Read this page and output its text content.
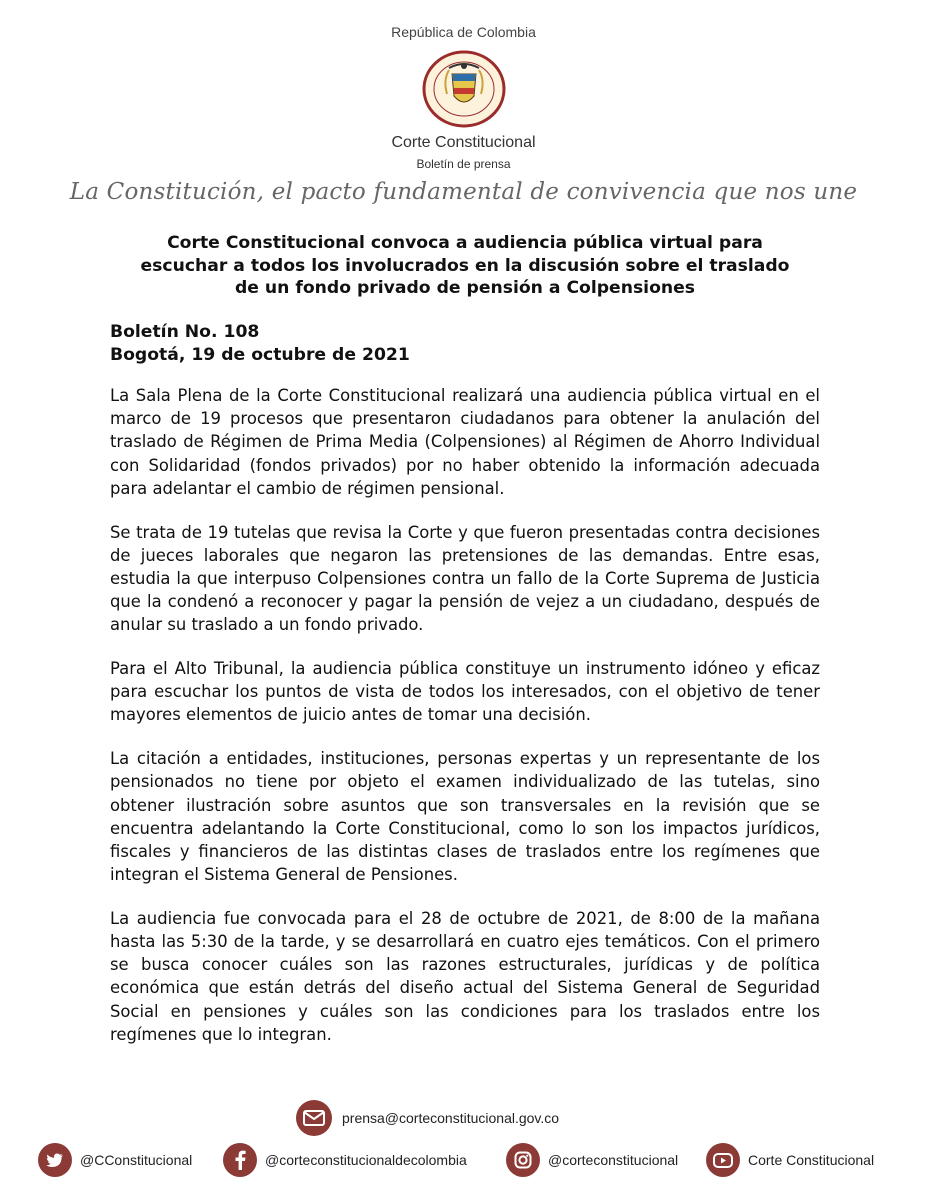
República de Colombia
Corte Constitucional
Boletín de prensa
La Constitución, el pacto fundamental de convivencia que nos une
Corte Constitucional convoca a audiencia pública virtual para
escuchar a todos los involucrados en la discusión sobre el traslado
de un fondo privado de pensión a Colpensiones
Boletín No. 108
Bogotá, 19 de octubre de 2021

La Sala Plena de la Corte Constitucional realizará una audiencia pública virtual en el marco de 19 procesos que presentaron ciudadanos para obtener la anulación del traslado de Régimen de Prima Media (Colpensiones) al Régimen de Ahorro Individual con Solidaridad (fondos privados) por no haber obtenido la información adecuada para adelantar el cambio de régimen pensional.

Se trata de 19 tutelas que revisa la Corte y que fueron presentadas contra decisiones de jueces laborales que negaron las pretensiones de las demandas. Entre esas, estudia la que interpuso Colpensiones contra un fallo de la Corte Suprema de Justicia que la condenó a reconocer y pagar la pensión de vejez a un ciudadano, después de anular su traslado a un fondo privado.

Para el Alto Tribunal, la audiencia pública constituye un instrumento idóneo y eficaz para escuchar los puntos de vista de todos los interesados, con el objetivo de tener mayores elementos de juicio antes de tomar una decisión.

La citación a entidades, instituciones, personas expertas y un representante de los pensionados no tiene por objeto el examen individualizado de las tutelas, sino obtener ilustración sobre asuntos que son transversales en la revisión que se encuentra adelantando la Corte Constitucional, como lo son los impactos jurídicos, fiscales y financieros de las distintas clases de traslados entre los regímenes que integran el Sistema General de Pensiones.

La audiencia fue convocada para el 28 de octubre de 2021, de 8:00 de la mañana hasta las 5:30 de la tarde, y se desarrollará en cuatro ejes temáticos. Con el primero se busca conocer cuáles son las razones estructurales, jurídicas y de política económica que están detrás del diseño actual del Sistema General de Seguridad Social en pensiones y cuáles son las condiciones para los traslados entre los regímenes que lo integran.

prensa@corteconstitucional.gov.co
@CConstitucional	@corteconstitucionaldecolombia	@corteconstitucional	Corte Constitucional
